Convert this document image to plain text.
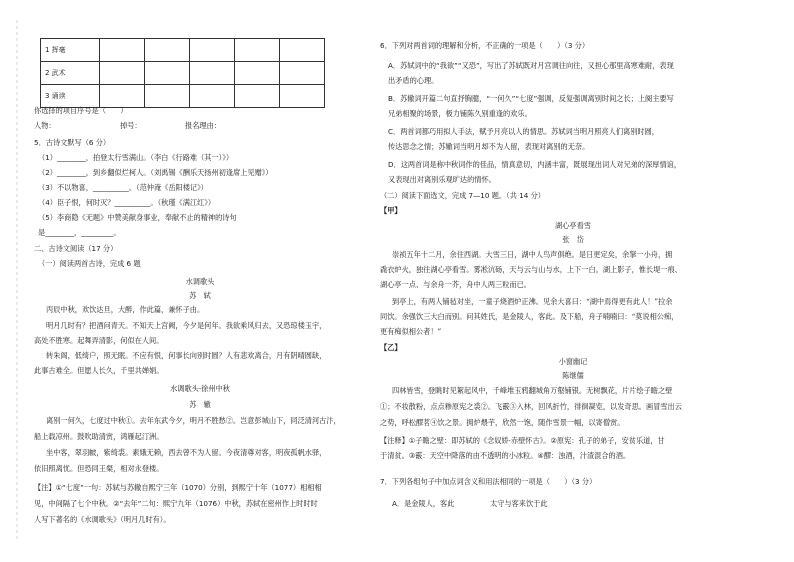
1 挥毫					
2 武术					
3 诵读					
你选择的项目序号是（　　）
人物：	掉号：	报名理由：
5．古诗文默写（6 分）
（1）________，拍登太行雪满山。（李白《行路难（其一）》）
（2）________，到乡翻似烂柯人。（刘禹锡《酬乐天扬州初逢席上见赠》）
（3）不以物喜，__________。（范仲淹《岳阳楼记》）
（4）臣子恨，何时灭？__________。（秋瑾《满江红》）
（5）李商隐《无题》中赞美献身事业，奉献不止的精神的诗句
是________，_________。
二、古诗文阅读（17 分）
（一）阅读两首古诗，完成 6 题
水调歌头
苏　轼
丙辰中秋，欢饮达旦，大醉，作此篇，兼怀子由。
明月几时有？把酒问青天。不知天上宫阙，今夕是何年。我欲乘风归去，又恐琼楼玉宇，
高处不胜寒。起舞弄清影，何似在人间。
转朱阁，低绮户，照无眠。不应有恨，何事长向别时圆？人有悲欢离合，月有阴晴圆缺，
此事古难全。但愿人长久，千里共婵娟。
水调歌头·徐州中秋
苏　辙
离别一何久，七度过中秋①。去年东武今夕，明月不胜愁②。岂意彭城山下，同泛清河古汴，
船上载凉州。鼓吹助清赏，鸿雁起汀洲。
坐中客，翠羽帔，紫绮裘。素娥无赖，西去曾不为人留。今夜清尊对客，明夜孤帆水驿，
依旧照离忧。但恐同王粲，相对永登楼。
【注】①“七度”一句：苏轼与苏辙自熙宁三年（1070）分别，到熙宁十年（1077）相相相
见，中间隔了七个中秋。②“去年”二句：熙宁九年（1076）中秋，苏轼在密州作上时时时
人写下著名的《水调歌头》（明月几时有）。
6．下列对两首词的理解和分析，不正确的一项是（　　）（3 分）
A．苏轼词中的“我欲”“又恐”，写出了苏轼既对月宫调往向往，又担心那里高寒难耐，表现
出矛盾的心理。
B．苏辙词开篇二句直抒胸臆，“一何久”“七度”强调，反复强调离别时间之长；上阕主要写
兄弟相聚的场景，极力铺陈久别重逢的欢乐。
C．两首词都巧用拟人手法，赋予月亮以人的情思。苏轼词当明月照亮人们离别时圆，
传达思念之情；苏辙词当明月却不为人留，表现对离别的无奈。
D．这两首词是称中秋词作的佳品，情真意切，内涵丰富，既展现出词人对兄弟的深厚情谊，
又表现出对离别乐观旷达的情怀。
（二）阅读下面选文，完成 7—10 题。（共 14 分）
【甲】
湖心亭看雪
张　岱
崇祯五年十二月，余住西湖。大雪三日，湖中人鸟声俱绝。是日更定矣，余拏一小舟，拥
毳衣炉火，独往湖心亭看雪。雾凇沆砀，天与云与山与水，上下一白。湖上影子，惟长堤一痕、
湖心亭一点、与余舟一芥，舟中人两三粒而已。
到亭上，有两人铺毡对坐，一童子烧酒炉正沸。见余大喜曰：“湖中焉得更有此人！”拉余
同饮。余强饮三大白而别。问其姓氏，是金陵人，客此。及下船，舟子喃喃曰：“莫说相公痴，
更有痴似相公者！”
【乙】
小窗幽记
陈继儒
四林皆雪，登眺时见絮起风中，千峰堆玉鸦翻城角万壑铺银。无树飘花，片片绘子瞻之壁
①；不妆散粉，点点糁原宪之裘②。飞霰③入林，回风折竹，徘徊凝览，以发奇思。画冒雪出云
之势，呼松醪茗④饮之景。拥炉煨芋，欣然一饱，随作雪景一幅，以寄僧赏。
【注释】①子瞻之壁：即苏轼的《念奴娇·赤壁怀古》。②原宪：孔子的弟子，安贫乐道，甘
于清贫。③霰：天空中降落的由不透明的小冰粒。④醪：浊酒，汁渣混合的酒。
7．下列各组句子中加点词含义和用法相同的一项是（　　）（3 分）
A．是金陵人，客此	太守与客来饮于此
